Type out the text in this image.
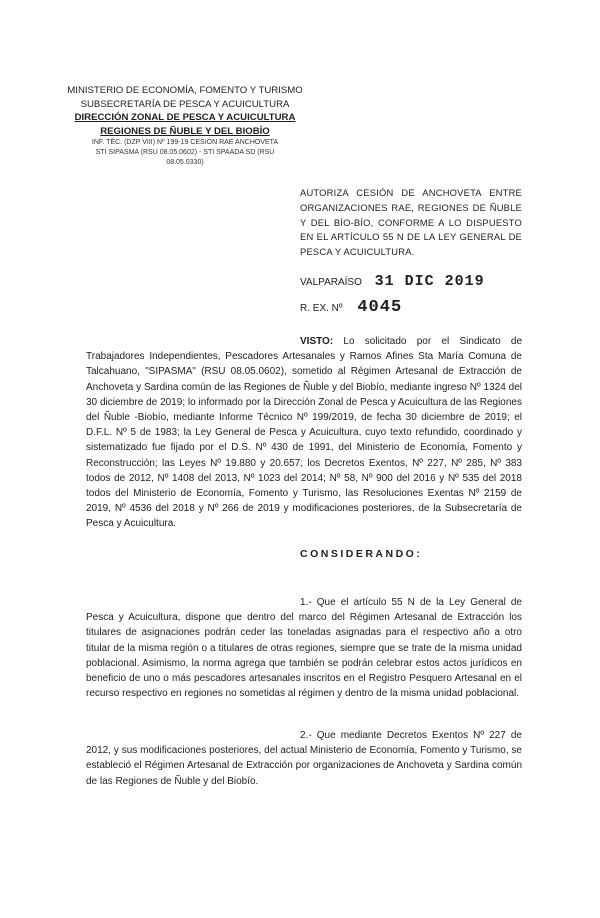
MINISTERIO DE ECONOMÍA, FOMENTO Y TURISMO
SUBSECRETARÍA DE PESCA Y ACUICULTURA
DIRECCIÓN ZONAL DE PESCA Y ACUICULTURA
REGIONES DE ÑUBLE Y DEL BIOBÍO
INF. TÉC. (DZP VIII) Nº 199-19 CESIÓN RAE ANCHOVETA
STI SIPASMA (RSU 08.05.0602) - STI SPAADA SD (RSU
08.05.0330)
AUTORIZA CESIÓN DE ANCHOVETA ENTRE ORGANIZACIONES RAE, REGIONES DE ÑUBLE Y DEL BÍO-BÍO, CONFORME A LO DISPUESTO EN EL ARTÍCULO 55 N DE LA LEY GENERAL DE PESCA Y ACUICULTURA.
VALPARAÍSO 31 DIC 2019
R. EX. Nº 4045
VISTO: Lo solicitado por el Sindicato de Trabajadores Independientes, Pescadores Artesanales y Ramos Afines Sta María Comuna de Talcahuano, "SIPASMA" (RSU 08.05.0602), sometido al Régimen Artesanal de Extracción de Anchoveta y Sardina común de las Regiones de Ñuble y del Biobío, mediante ingreso Nº 1324 del 30 diciembre de 2019; lo informado por la Dirección Zonal de Pesca y Acuicultura de las Regiones del Ñuble -Biobío, mediante Informe Técnico Nº 199/2019, de fecha 30 diciembre de 2019; el D.F.L. Nº 5 de 1983; la Ley General de Pesca y Acuicultura, cuyo texto refundido, coordinado y sistematizado fue fijado por el D.S. Nº 430 de 1991, del Ministerio de Economía, Fomento y Reconstrucción; las Leyes Nº 19.880 y 20.657; los Decretos Exentos, Nº 227, Nº 285, Nº 383 todos de 2012, Nº 1408 del 2013, Nº 1023 del 2014; Nº 58, Nº 900 del 2016 y Nº 535 del 2018 todos del Ministerio de Economía, Fomento y Turismo, las Resoluciones Exentas Nº 2159 de 2019, Nº 4536 del 2018 y Nº 266 de 2019 y modificaciones posteriores, de la Subsecretaría de Pesca y Acuicultura.
CONSIDERANDO:
1.- Que el artículo 55 N de la Ley General de Pesca y Acuicultura, dispone que dentro del marco del Régimen Artesanal de Extracción los titulares de asignaciones podrán ceder las toneladas asignadas para el respectivo año a otro titular de la misma región o a titulares de otras regiones, siempre que se trate de la misma unidad poblacional. Asimismo, la norma agrega que también se podrán celebrar estos actos jurídicos en beneficio de uno o más pescadores artesanales inscritos en el Registro Pesquero Artesanal en el recurso respectivo en regiones no sometidas al régimen y dentro de la misma unidad poblacional.
2.- Que mediante Decretos Exentos Nº 227 de 2012, y sus modificaciones posteriores, del actual Ministerio de Economía, Fomento y Turismo, se estableció el Régimen Artesanal de Extracción por organizaciones de Anchoveta y Sardina común de las Regiones de Ñuble y del Biobío.
